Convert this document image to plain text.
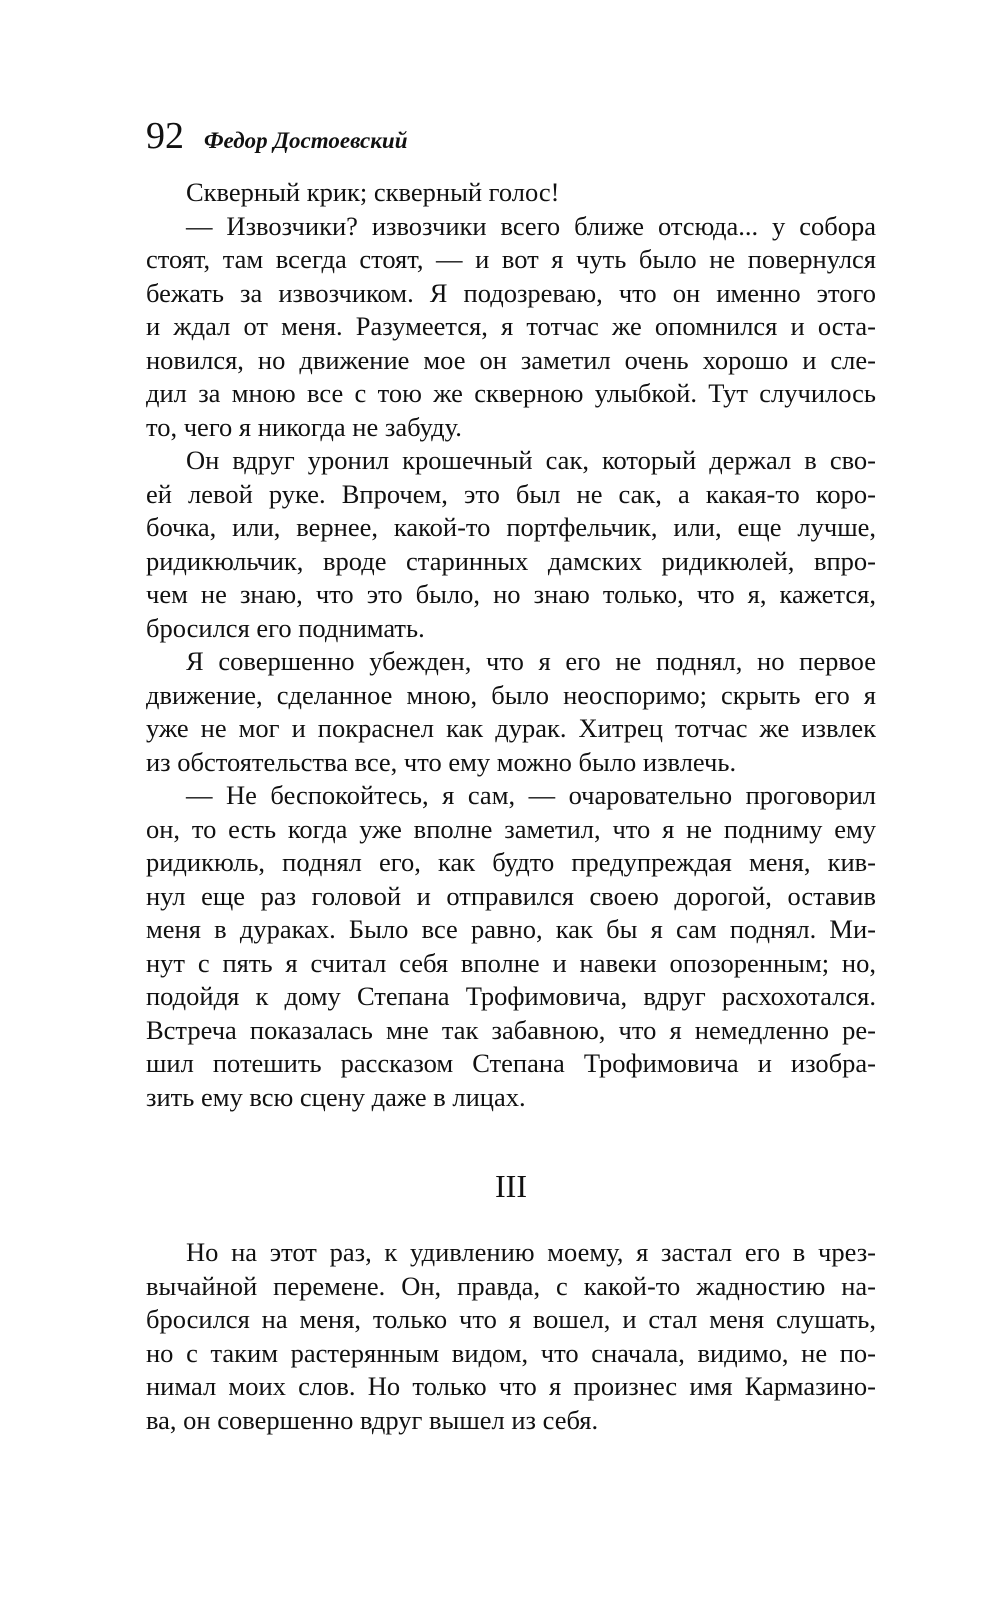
92 Федор Достоевский
Скверный крик; скверный голос!
— Извозчики? извозчики всего ближе отсюда... у собора
стоят, там всегда стоят, — и вот я чуть было не повернулся
бежать за извозчиком. Я подозреваю, что он именно этого
и ждал от меня. Разумеется, я тотчас же опомнился и оста-
новился, но движение мое он заметил очень хорошо и сле-
дил за мною все с тою же скверною улыбкой. Тут случилось
то, чего я никогда не забуду.
Он вдруг уронил крошечный сак, который держал в сво-
ей левой руке. Впрочем, это был не сак, а какая-то коро-
бочка, или, вернее, какой-то портфельчик, или, еще лучше,
ридикюльчик, вроде старинных дамских ридикюлей, впро-
чем не знаю, что это было, но знаю только, что я, кажется,
бросился его поднимать.
Я совершенно убежден, что я его не поднял, но первое
движение, сделанное мною, было неоспоримо; скрыть его я
уже не мог и покраснел как дурак. Хитрец тотчас же извлек
из обстоятельства все, что ему можно было извлечь.
— Не беспокойтесь, я сам, — очаровательно проговорил
он, то есть когда уже вполне заметил, что я не подниму ему
ридикюль, поднял его, как будто предупреждая меня, кив-
нул еще раз головой и отправился своею дорогой, оставив
меня в дураках. Было все равно, как бы я сам поднял. Ми-
нут с пять я считал себя вполне и навеки опозоренным; но,
подойдя к дому Степана Трофимовича, вдруг расхохотался.
Встреча показалась мне так забавною, что я немедленно ре-
шил потешить рассказом Степана Трофимовича и изобра-
зить ему всю сцену даже в лицах.
III
Но на этот раз, к удивлению моему, я застал его в чрез-
вычайной перемене. Он, правда, с какой-то жадностию на-
бросился на меня, только что я вошел, и стал меня слушать,
но с таким растерянным видом, что сначала, видимо, не по-
нимал моих слов. Но только что я произнес имя Кармазино-
ва, он совершенно вдруг вышел из себя.
